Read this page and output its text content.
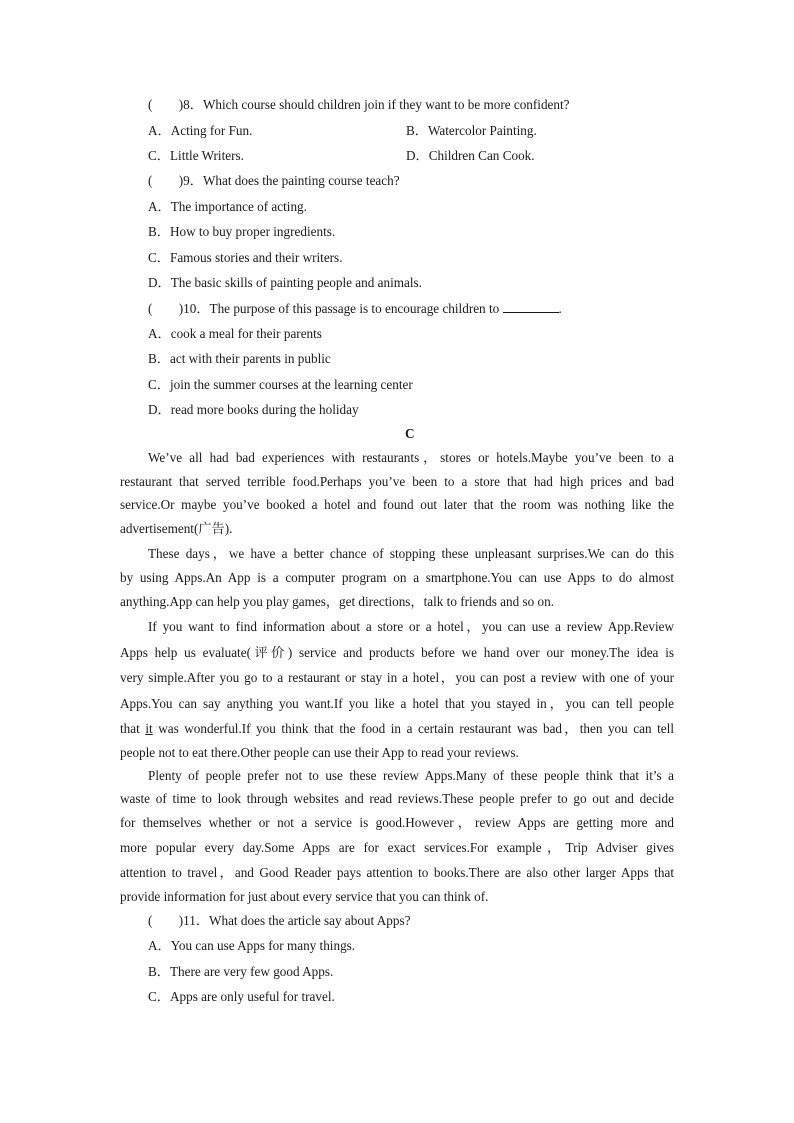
(　　)8．Which course should children join if they want to be more confident?
A．Acting for Fun.	B．Watercolor Painting.
C．Little Writers.	D．Children Can Cook.
(　　)9．What does the painting course teach?
A．The importance of acting.
B．How to buy proper ingredients.
C．Famous stories and their writers.
D．The basic skills of painting people and animals.
(　　)10．The purpose of this passage is to encourage children to	.
A．cook a meal for their parents
B．act with their parents in public
C．join the summer courses at the learning center
D．read more books during the holiday
C
We’ve all had bad experiences with restaurants，stores or hotels.Maybe you’ve been to a
restaurant that served terrible food.Perhaps you’ve been to a store that had high prices and bad
service.Or maybe you’ve booked a hotel and found out later that the room was nothing like the
advertisement(广告).
These days，we have a better chance of stopping these unpleasant surprises.We can do this
by using Apps.An App is a computer program on a smartphone.You can use Apps to do almost
anything.App can help you play games，get directions，talk to friends and so on.
If you want to find information about a store or a hotel，you can use a review App.Review
Apps help us evaluate(评价) service and products before we hand over our money.The idea is
very simple.After you go to a restaurant or stay in a hotel，you can post a review with one of your
Apps.You can say anything you want.If you like a hotel that you stayed in，you can tell people
that it was wonderful.If you think that the food in a certain restaurant was bad，then you can tell
people not to eat there.Other people can use their App to read your reviews.
Plenty of people prefer not to use these review Apps.Many of these people think that it’s a
waste of time to look through websites and read reviews.These people prefer to go out and decide
for themselves whether or not a service is good.However，review Apps are getting more and
more popular every day.Some Apps are for exact services.For example，Trip Adviser gives
attention to travel，and Good Reader pays attention to books.There are also other larger Apps that
provide information for just about every service that you can think of.
(　　)11．What does the article say about Apps?
A．You can use Apps for many things.
B．There are very few good Apps.
C．Apps are only useful for travel.
